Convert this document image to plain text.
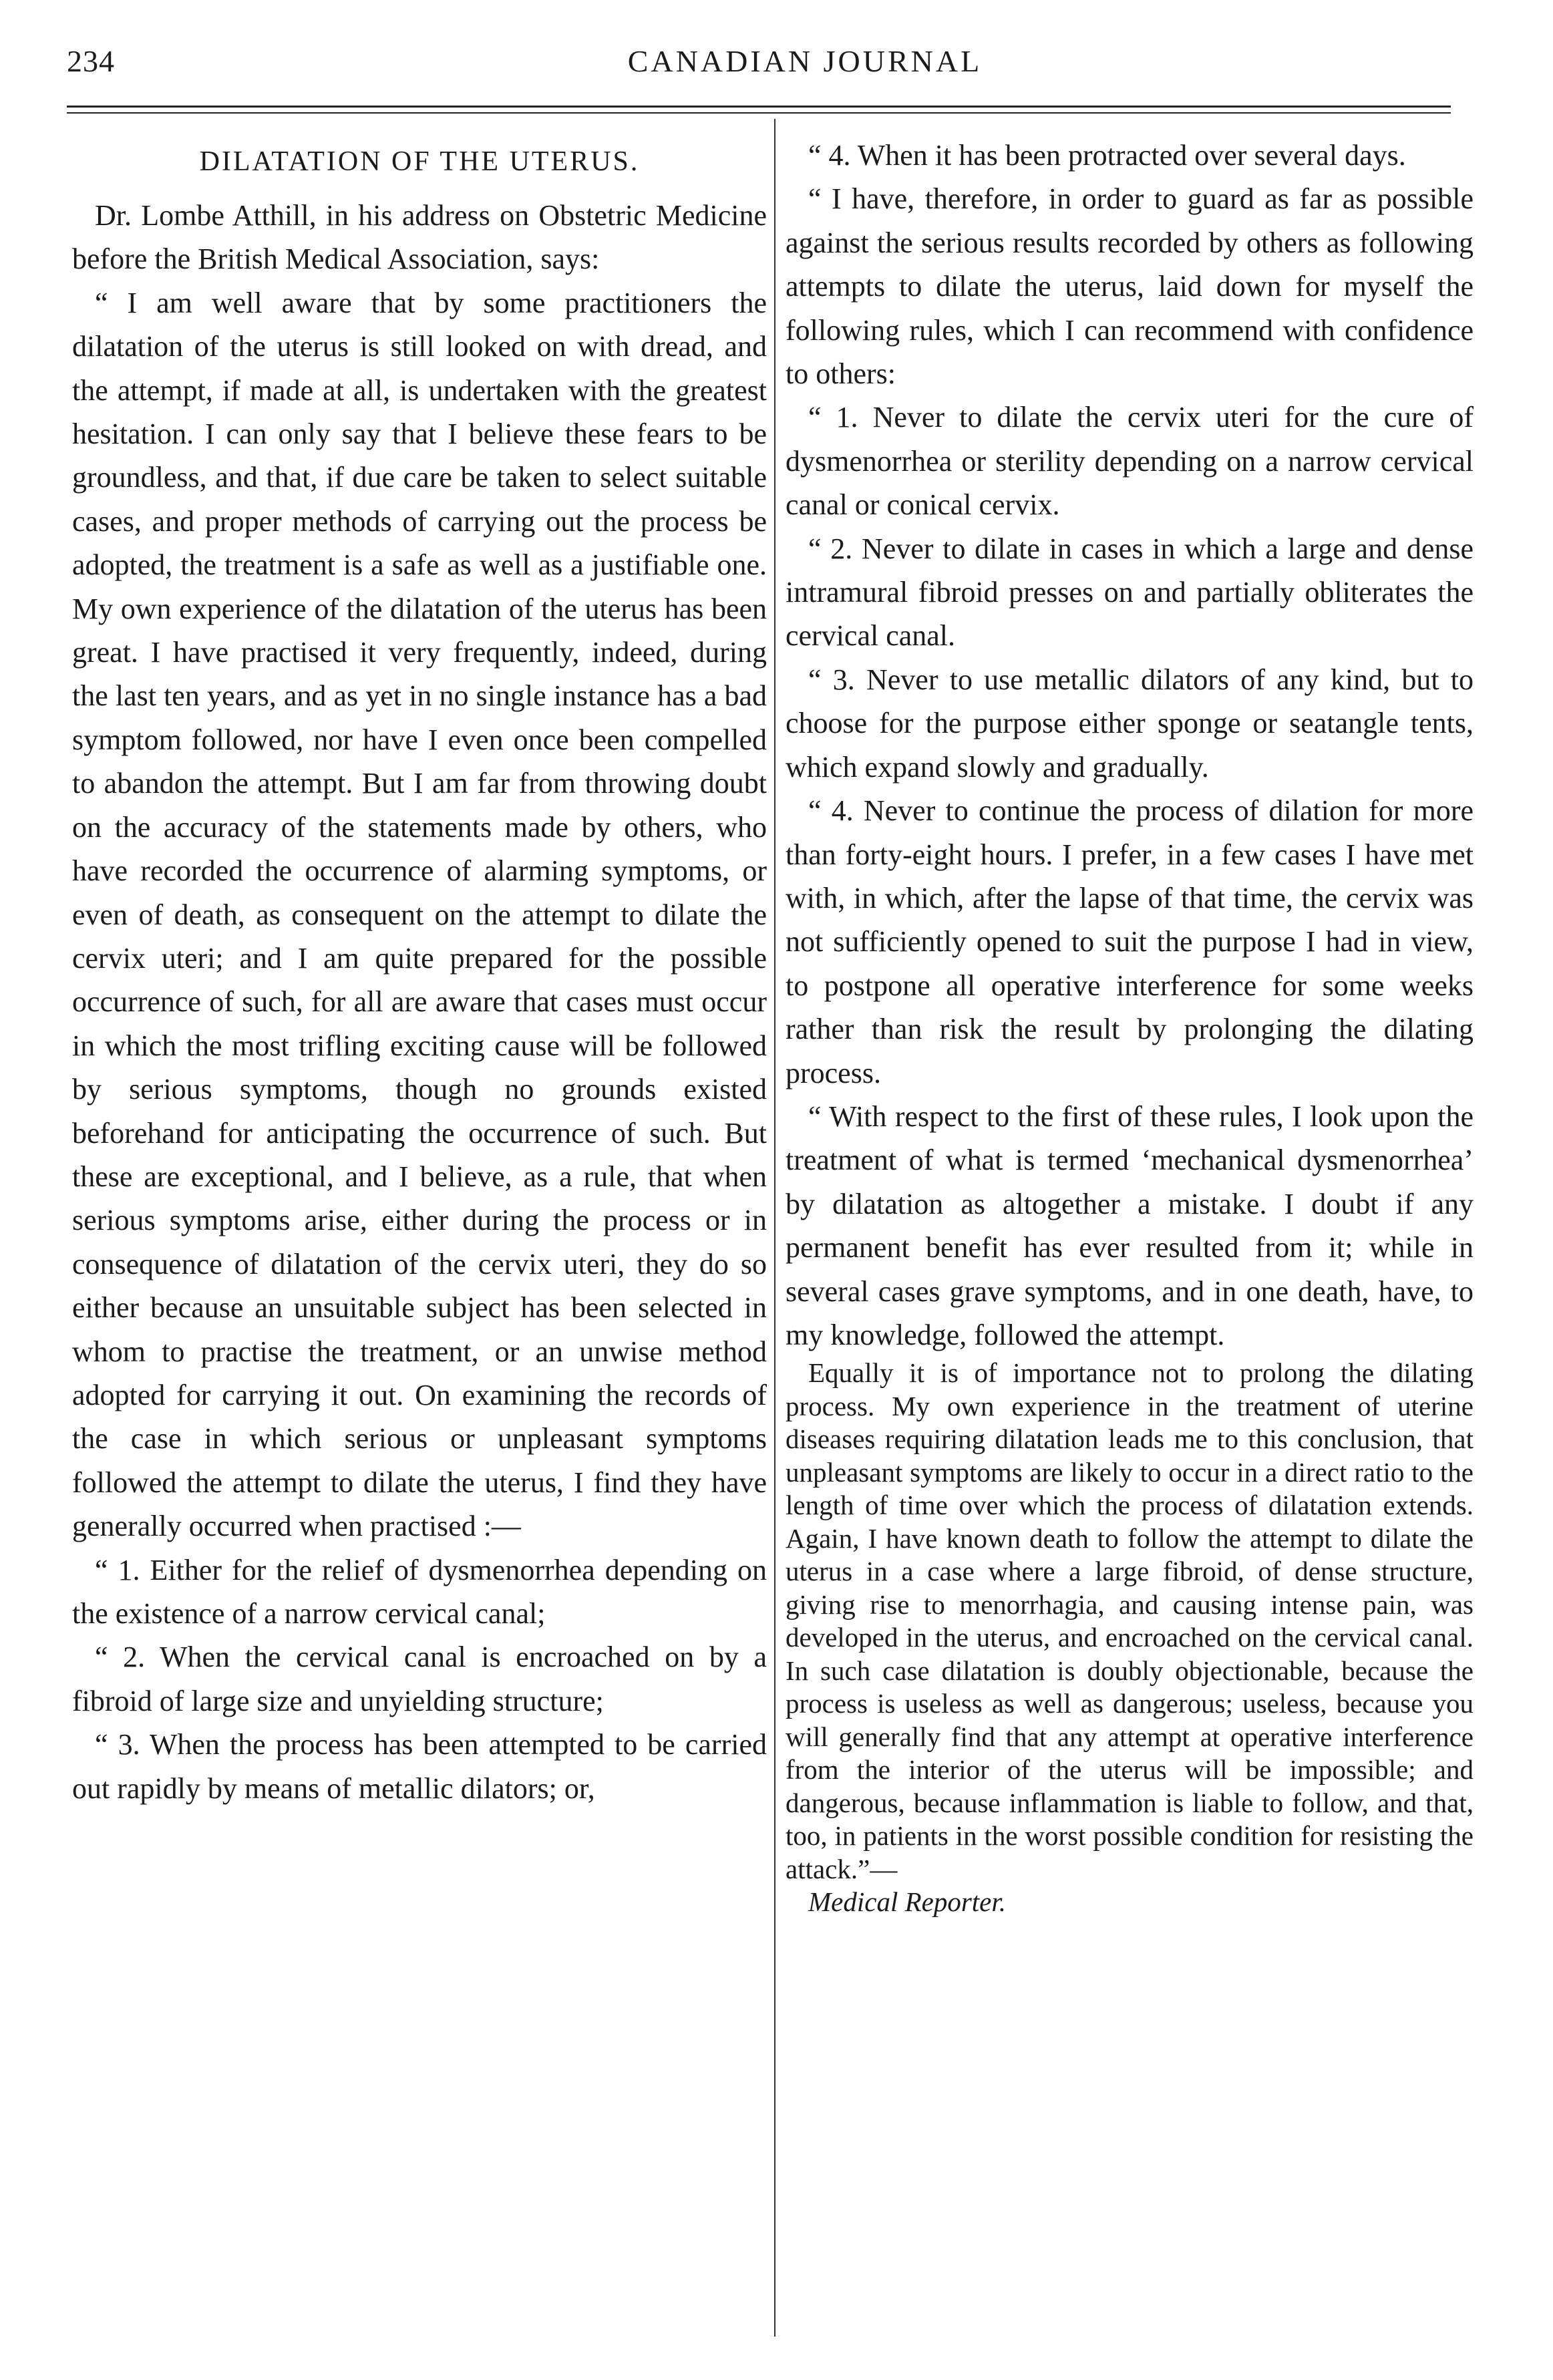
234	CANADIAN JOURNAL
DILATATION OF THE UTERUS.

Dr. Lombe Atthill, in his address on Obstetric Medicine before the British Medical Association, says:

“ I am well aware that by some practitioners the dilatation of the uterus is still looked on with dread, and the attempt, if made at all, is undertaken with the greatest hesitation. I can only say that I believe these fears to be groundless, and that, if due care be taken to select suitable cases, and proper methods of carrying out the process be adopted, the treatment is a safe as well as a justifiable one. My own experience of the dilatation of the uterus has been great. I have practised it very frequently, indeed, during the last ten years, and as yet in no single instance has a bad symptom followed, nor have I even once been compelled to abandon the attempt. But I am far from throwing doubt on the accuracy of the statements made by others, who have recorded the occurrence of alarming symptoms, or even of death, as consequent on the attempt to dilate the cervix uteri; and I am quite prepared for the possible occurrence of such, for all are aware that cases must occur in which the most trifling exciting cause will be followed by serious symptoms, though no grounds existed beforehand for anticipating the occurrence of such. But these are exceptional, and I believe, as a rule, that when serious symptoms arise, either during the process or in consequence of dilatation of the cervix uteri, they do so either because an unsuitable subject has been selected in whom to practise the treatment, or an unwise method adopted for carrying it out. On examining the records of the case in which serious or unpleasant symptoms followed the attempt to dilate the uterus, I find they have generally occurred when practised :—

“ 1. Either for the relief of dysmenorrhea depending on the existence of a narrow cervical canal;

“ 2. When the cervical canal is encroached on by a fibroid of large size and unyielding structure;

“ 3. When the process has been attempted to be carried out rapidly by means of metallic dilators; or,

“ 4. When it has been protracted over several days.

“ I have, therefore, in order to guard as far as possible against the serious results recorded by others as following attempts to dilate the uterus, laid down for myself the following rules, which I can recommend with confidence to others:

“ 1. Never to dilate the cervix uteri for the cure of dysmenorrhea or sterility depending on a narrow cervical canal or conical cervix.

“ 2. Never to dilate in cases in which a large and dense intramural fibroid presses on and partially obliterates the cervical canal.

“ 3. Never to use metallic dilators of any kind, but to choose for the purpose either sponge or seatangle tents, which expand slowly and gradually.

“ 4. Never to continue the process of dilation for more than forty-eight hours. I prefer, in a few cases I have met with, in which, after the lapse of that time, the cervix was not sufficiently opened to suit the purpose I had in view, to postpone all operative interference for some weeks rather than risk the result by prolonging the dilating process.

“ With respect to the first of these rules, I look upon the treatment of what is termed ‘mechanical dysmenorrhea’ by dilatation as altogether a mistake. I doubt if any permanent benefit has ever resulted from it; while in several cases grave symptoms, and in one death, have, to my knowledge, followed the attempt.

Equally it is of importance not to prolong the dilating process. My own experience in the treatment of uterine diseases requiring dilatation leads me to this conclusion, that unpleasant symptoms are likely to occur in a direct ratio to the length of time over which the process of dilatation extends. Again, I have known death to follow the attempt to dilate the uterus in a case where a large fibroid, of dense structure, giving rise to menorrhagia, and causing intense pain, was developed in the uterus, and encroached on the cervical canal. In such case dilatation is doubly objectionable, because the process is useless as well as dangerous; useless, because you will generally find that any attempt at operative interference from the interior of the uterus will be impossible; and dangerous, because inflammation is liable to follow, and that, too, in patients in the worst possible condition for resisting the attack.”—

Medical Reporter.
